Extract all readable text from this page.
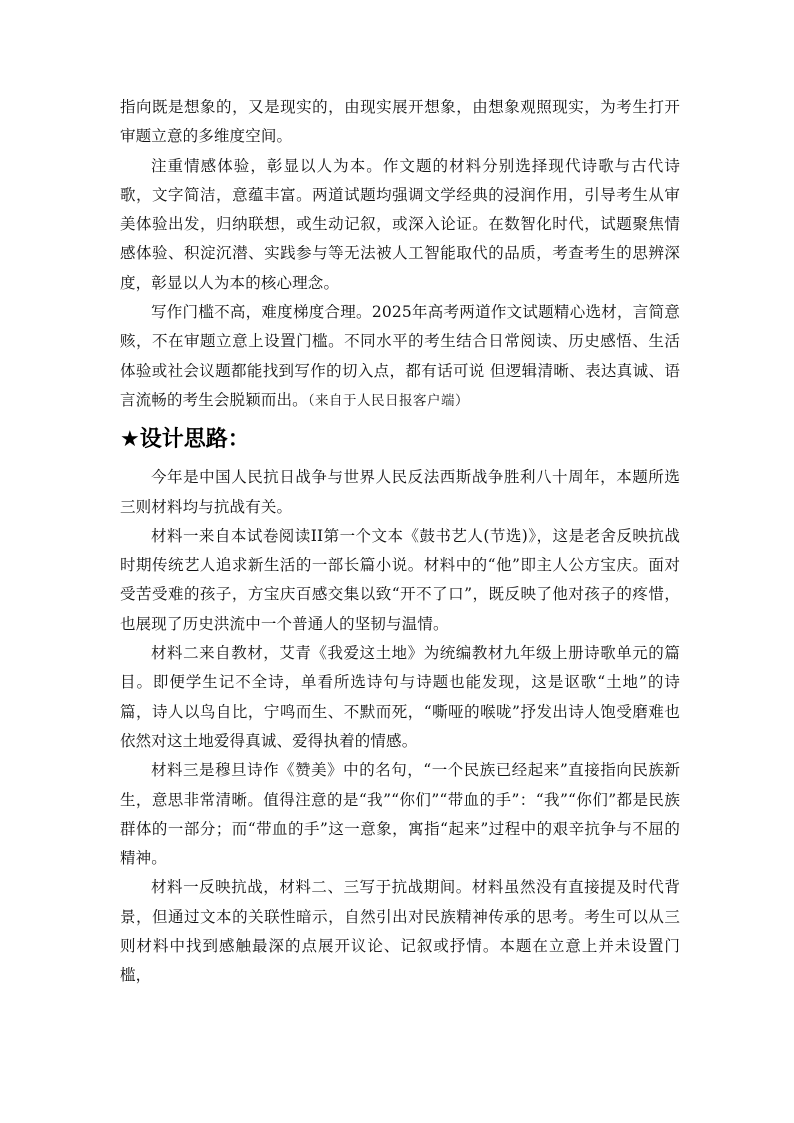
指向既是想象的，又是现实的，由现实展开想象，由想象观照现实，为考生打开审题立意的多维度空间。

注重情感体验，彰显以人为本。作文题的材料分别选择现代诗歌与古代诗歌，文字简洁，意蕴丰富。两道试题均强调文学经典的浸润作用，引导考生从审美体验出发，归纳联想，或生动记叙，或深入论证。在数智化时代，试题聚焦情感体验、积淀沉潜、实践参与等无法被人工智能取代的品质，考查考生的思辨深度，彰显以人为本的核心理念。

写作门槛不高，难度梯度合理。2025年高考两道作文试题精心选材，言简意赅，不在审题立意上设置门槛。不同水平的考生结合日常阅读、历史感悟、生活体验或社会议题都能找到写作的切入点，都有话可说 但逻辑清晰、表达真诚、语言流畅的考生会脱颖而出。（来自于人民日报客户端）

★设计思路：

今年是中国人民抗日战争与世界人民反法西斯战争胜利八十周年，本题所选三则材料均与抗战有关。

材料一来自本试卷阅读II第一个文本《鼓书艺人(节选)》，这是老舍反映抗战时期传统艺人追求新生活的一部长篇小说。材料中的“他”即主人公方宝庆。面对受苦受难的孩子，方宝庆百感交集以致“开不了口”，既反映了他对孩子的疼惜，也展现了历史洪流中一个普通人的坚韧与温情。

材料二来自教材，艾青《我爱这土地》为统编教材九年级上册诗歌单元的篇目。即便学生记不全诗，单看所选诗句与诗题也能发现，这是讴歌“土地”的诗篇，诗人以鸟自比，宁鸣而生、不默而死，“嘶哑的喉咙”抒发出诗人饱受磨难也依然对这土地爱得真诚、爱得执着的情感。

材料三是穆旦诗作《赞美》中的名句，“一个民族已经起来”直接指向民族新生，意思非常清晰。值得注意的是“我”“你们”“带血的手”：“我”“你们”都是民族群体的一部分；而“带血的手”这一意象，寓指“起来”过程中的艰辛抗争与不屈的精神。

材料一反映抗战，材料二、三写于抗战期间。材料虽然没有直接提及时代背景，但通过文本的关联性暗示，自然引出对民族精神传承的思考。考生可以从三则材料中找到感触最深的点展开议论、记叙或抒情。本题在立意上并未设置门槛，
